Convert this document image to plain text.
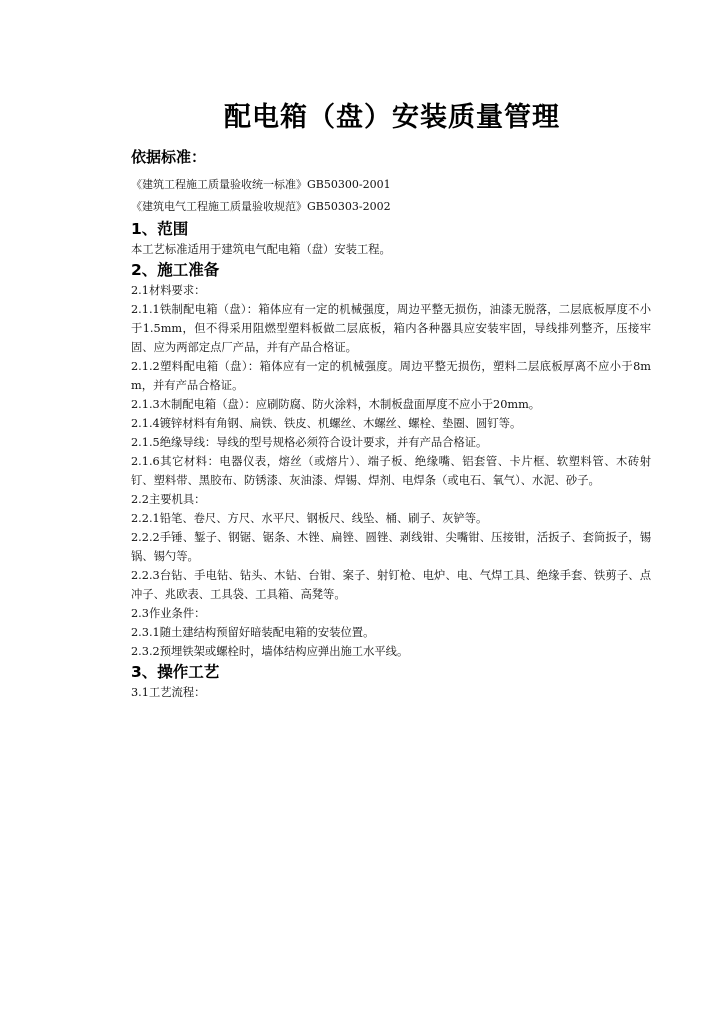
配电箱（盘）安装质量管理
依据标准：
《建筑工程施工质量验收统一标准》GB50300-2001
《建筑电气工程施工质量验收规范》GB50303-2002
1、范围
本工艺标准适用于建筑电气配电箱（盘）安装工程。
2、施工准备
2.1材料要求：
2.1.1铁制配电箱（盘）：箱体应有一定的机械强度，周边平整无损伤，油漆无脱落，二层底板厚度不小于1.5mm，但不得采用阻燃型塑料板做二层底板，箱内各种器具应安装牢固，导线排列整齐，压接牢固、应为两部定点厂产品，并有产品合格证。
2.1.2塑料配电箱（盘）：箱体应有一定的机械强度。周边平整无损伤，塑料二层底板厚离不应小于8mm，并有产品合格证。
2.1.3木制配电箱（盘）：应刷防腐、防火涂料，木制板盘面厚度不应小于20mm。
2.1.4镀锌材料有角钢、扁铁、铁皮、机螺丝、木螺丝、螺栓、垫圈、圆钉等。
2.1.5绝缘导线：导线的型号规格必须符合设计要求，并有产品合格证。
2.1.6其它材料：电器仪表，熔丝（或熔片）、端子板、绝缘嘴、铝套管、卡片框、软塑料管、木砖射钉、塑料带、黑胶布、防锈漆、灰油漆、焊锡、焊剂、电焊条（或电石、氧气）、水泥、砂子。
2.2主要机具：
2.2.1铅笔、卷尺、方尺、水平尺、钢板尺、线坠、桶、刷子、灰铲等。
2.2.2手锤、錾子、钢锯、锯条、木锉、扁锉、圆锉、剥线钳、尖嘴钳、压接钳，活扳子、套筒扳子，锡锅、锡勺等。
2.2.3台钻、手电钻、钻头、木钻、台钳、案子、射钉枪、电炉、电、气焊工具、绝缘手套、铁剪子、点冲子、兆欧表、工具袋、工具箱、高凳等。
2.3作业条件：
2.3.1随土建结构预留好暗装配电箱的安装位置。
2.3.2预埋铁架或螺栓时，墙体结构应弹出施工水平线。
3、操作工艺
3.1工艺流程：
